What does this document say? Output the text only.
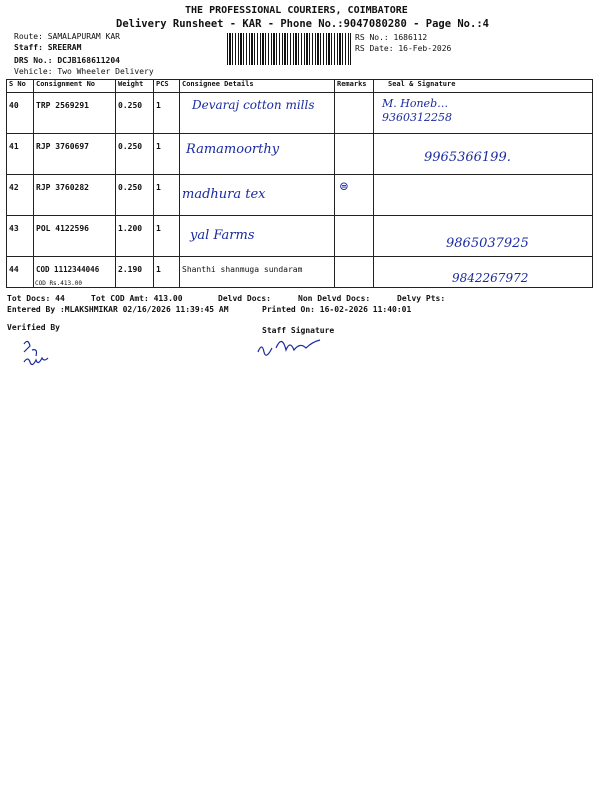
THE PROFESSIONAL COURIERS, COIMBATORE
Delivery Runsheet - KAR - Phone No.:9047080280 - Page No.:4
Route: SAMALAPURAM KAR
Staff: SREERAM
DRS No.: DCJB168611204
Vehicle: Two Wheeler Delivery
RS No.: 1686112
RS Date: 16-Feb-2026
S No	Consignment No	Weight	PCS	Consignee Details	Remarks	Seal & Signature

40	TRP 2569291	0.250	1	Devaraj cotton mills		M. Honeb… 9360312258

41	RJP 3760697	0.250	1	Ramamoorthy		9965366199.

42	RJP 3760282	0.250	1	madhura tex	⊜	

43	POL 4122596	1.200	1	yal Farms		9865037925

44	COD 1112344046
COD Rs.413.00	2.190	1	Shanthi shanmuga sundaram		9842267972
Tot Docs: 44	Tot COD Amt: 413.00	Delvd Docs:	Non Delvd Docs:	Delvy Pts:
Entered By :MLAKSHMIKAR 02/16/2026 11:39:45 AM	Printed On: 16-02-2026 11:40:01
Verified By	Staff Signature
